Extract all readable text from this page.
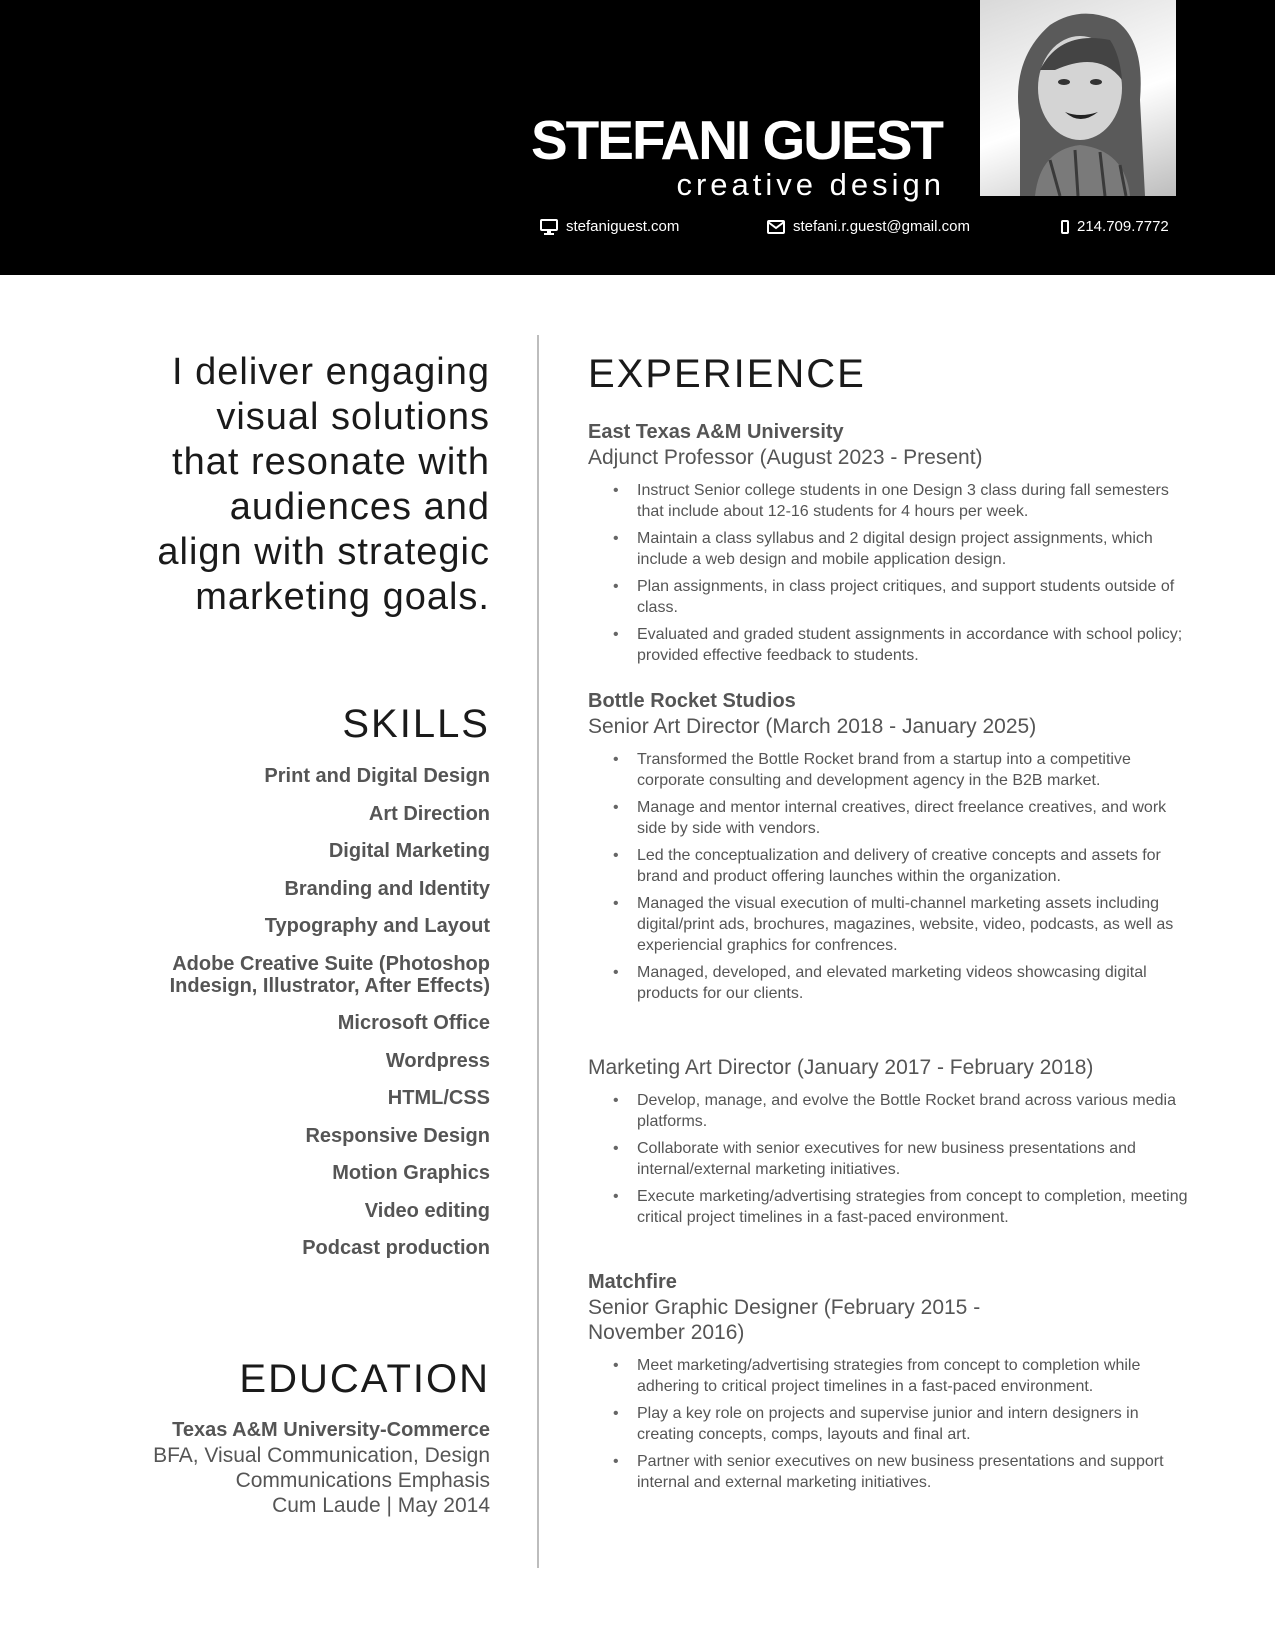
STEFANI GUEST
creative design
stefaniguest.com	stefani.r.guest@gmail.com	214.709.7772
I deliver engaging
visual solutions
that resonate with
audiences and
align with strategic
marketing goals.
SKILLS
Print and Digital Design
Art Direction
Digital Marketing
Branding and Identity
Typography and Layout
Adobe Creative Suite (Photoshop
Indesign, Illustrator, After Effects)
Microsoft Office
Wordpress
HTML/CSS
Responsive Design
Motion Graphics
Video editing
Podcast production
EDUCATION
Texas A&M University-Commerce
BFA, Visual Communication, Design
Communications Emphasis
Cum Laude | May 2014
EXPERIENCE
East Texas A&M University
Adjunct Professor (August 2023 - Present)
• Instruct Senior college students in one Design 3 class during fall semesters that include about 12-16 students for 4 hours per week.
• Maintain a class syllabus and 2 digital design project assignments, which include a web design and mobile application design.
• Plan assignments, in class project critiques, and support students outside of class.
• Evaluated and graded student assignments in accordance with school policy; provided effective feedback to students.
Bottle Rocket Studios
Senior Art Director (March 2018 - January 2025)
• Transformed the Bottle Rocket brand from a startup into a competitive corporate consulting and development agency in the B2B market.
• Manage and mentor internal creatives, direct freelance creatives, and work side by side with vendors.
• Led the conceptualization and delivery of creative concepts and assets for brand and product offering launches within the organization.
• Managed the visual execution of multi-channel marketing assets including digital/print ads, brochures, magazines, website, video, podcasts, as well as experiencial graphics for confrences.
• Managed, developed, and elevated marketing videos showcasing digital products for our clients.
Marketing Art Director (January 2017 - February 2018)
• Develop, manage, and evolve the Bottle Rocket brand across various media platforms.
• Collaborate with senior executives for new business presentations and internal/external marketing initiatives.
• Execute marketing/advertising strategies from concept to completion, meeting critical project timelines in a fast-paced environment.
Matchfire
Senior Graphic Designer (February 2015 - November 2016)
• Meet marketing/advertising strategies from concept to completion while adhering to critical project timelines in a fast-paced environment.
• Play a key role on projects and supervise junior and intern designers in creating concepts, comps, layouts and final art.
• Partner with senior executives on new business presentations and support internal and external marketing initiatives.
